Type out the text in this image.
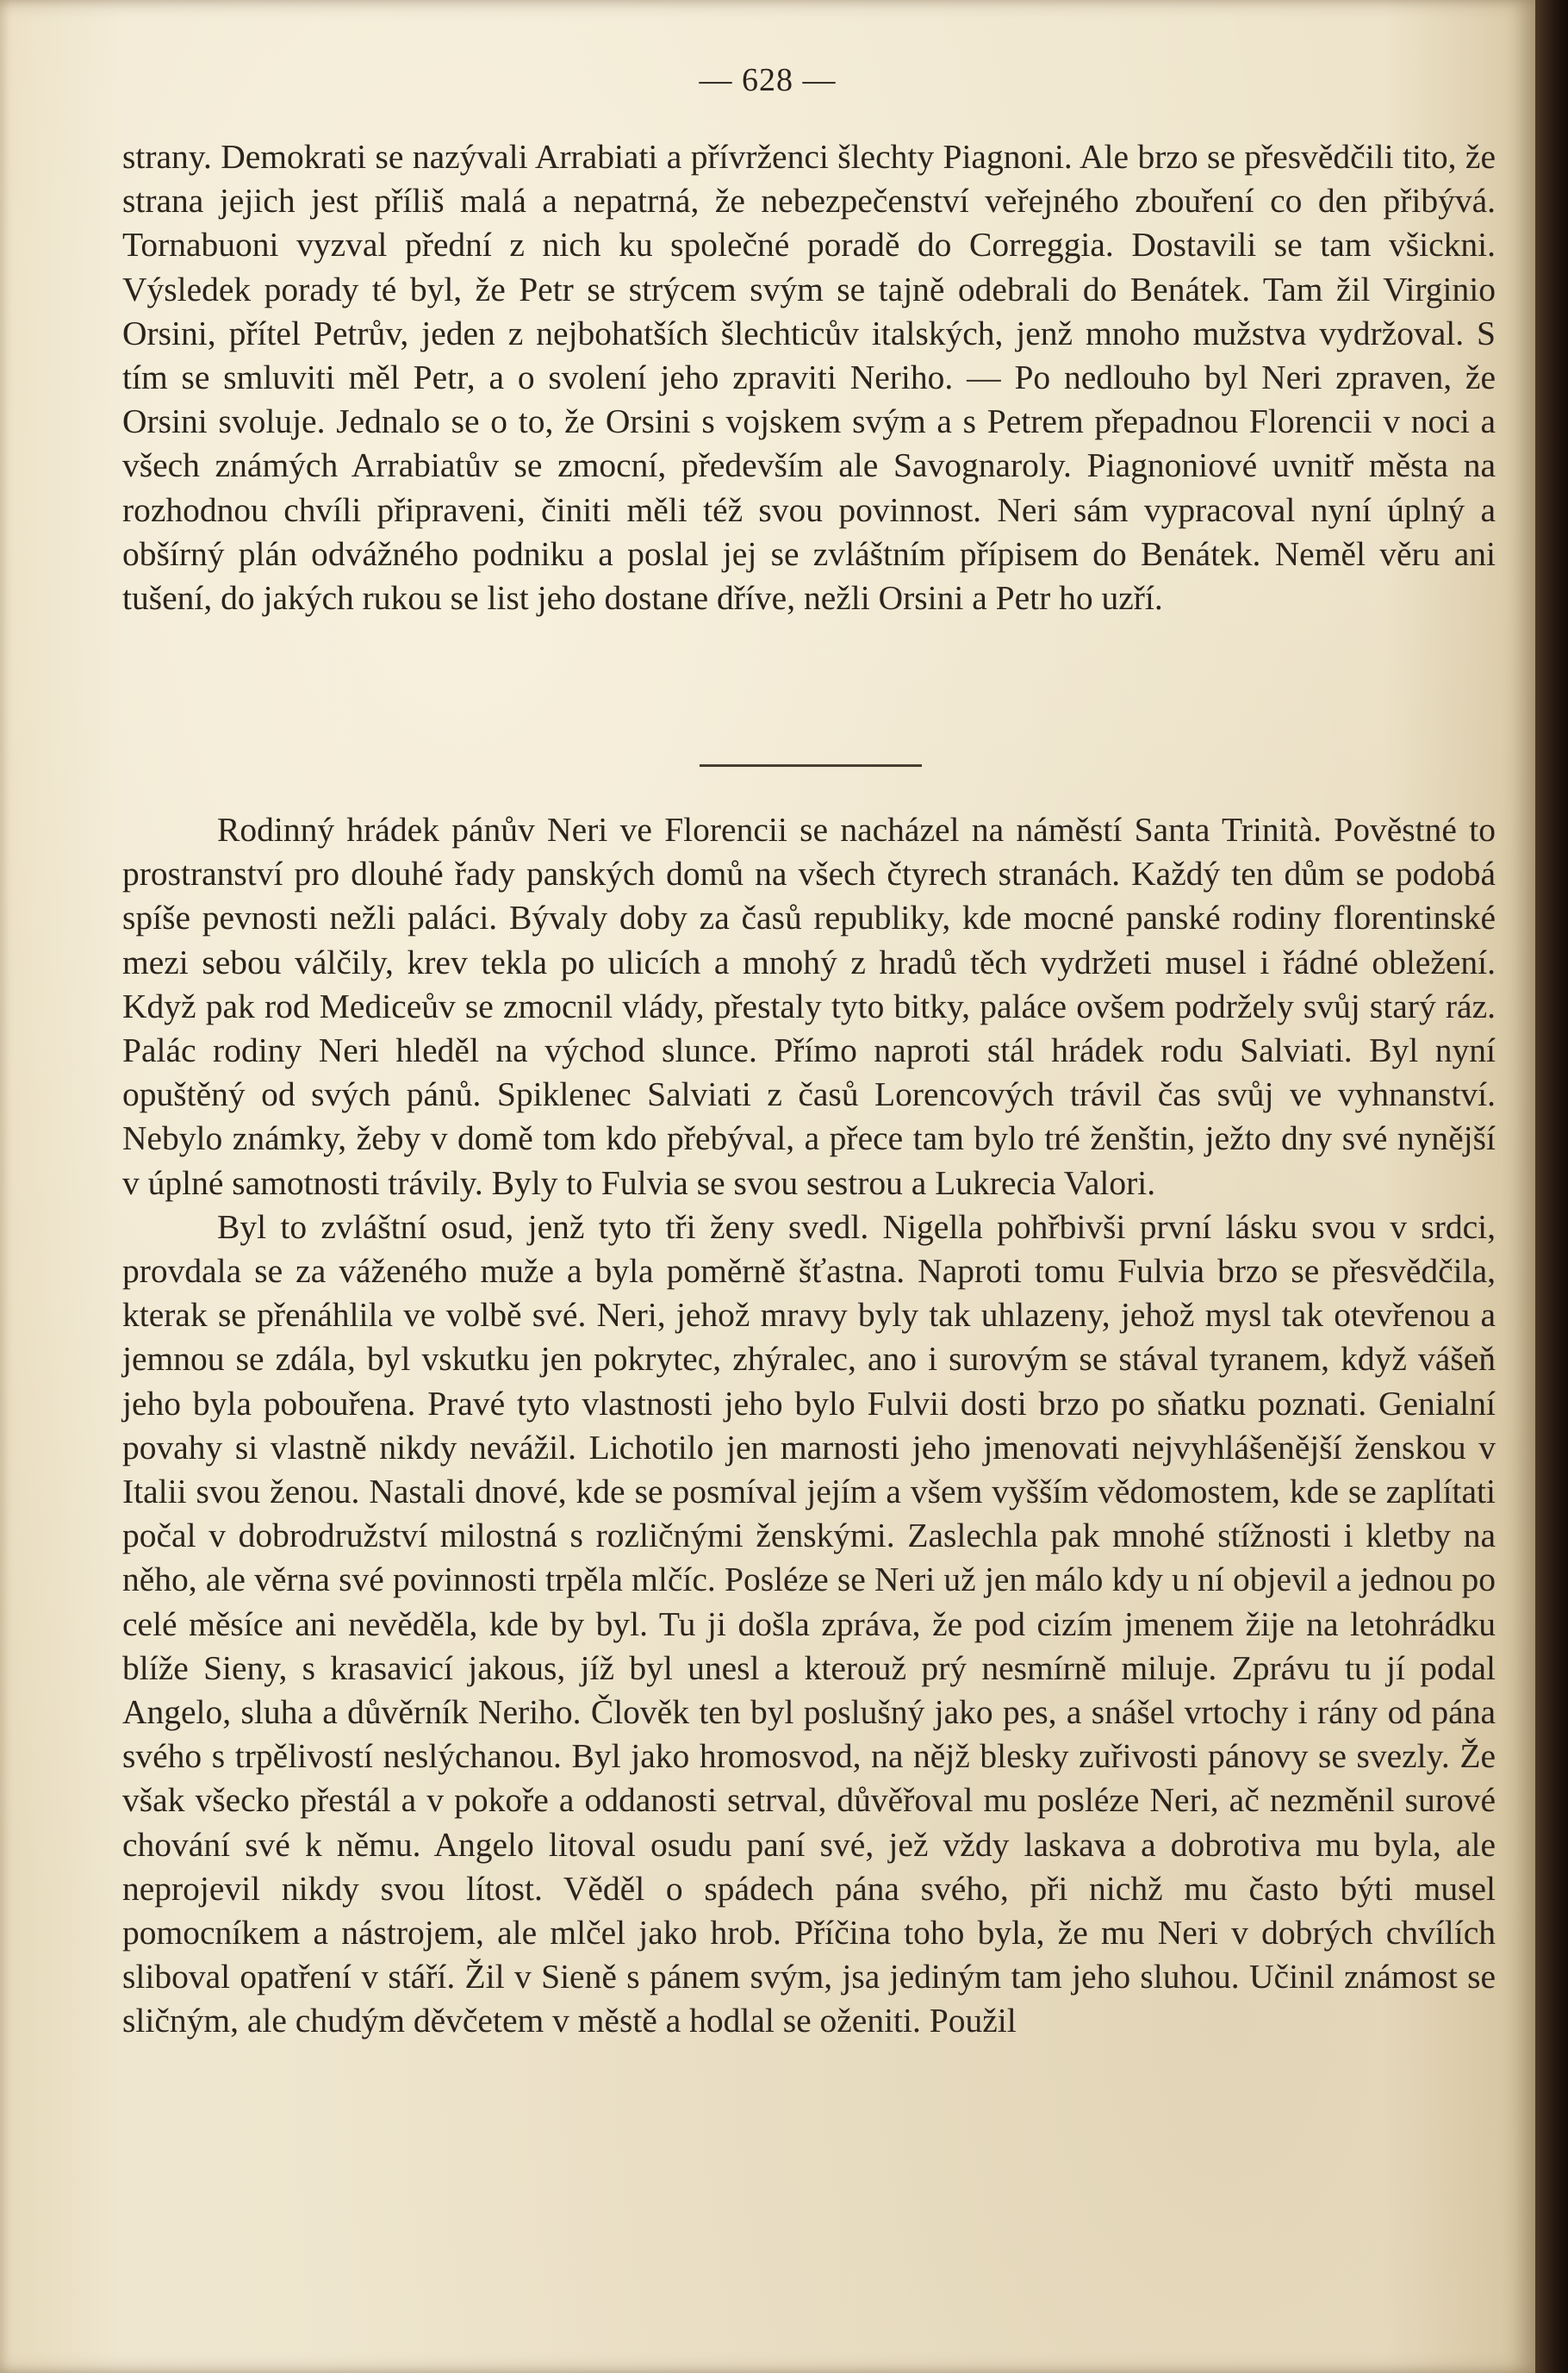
— 628 —

strany. Demokrati se nazývali Arrabiati a přívrženci šlechty Piagnoni. Ale brzo se přesvědčili tito, že strana jejich jest příliš malá a nepatrná, že nebezpečenství veřejného zbouření co den přibývá. Tornabuoni vyzval přední z nich ku společné poradě do Correggia. Dostavili se tam všickni. Výsledek porady té byl, že Petr se strýcem svým se tajně odebrali do Benátek. Tam žil Virginio Orsini, přítel Petrův, jeden z nejbohatších šlechticův italských, jenž mnoho mužstva vydržoval. S tím se smluviti měl Petr, a o svolení jeho zpraviti Neriho. — Po nedlouho byl Neri zpraven, že Orsini svoluje. Jednalo se o to, že Orsini s vojskem svým a s Petrem přepadnou Florencii v noci a všech známých Arrabiatův se zmocní, především ale Savognaroly. Piagnoniové uvnitř města na rozhodnou chvíli připraveni, činiti měli též svou povinnost. Neri sám vypracoval nyní úplný a obšírný plán odvážného podniku a poslal jej se zvláštním přípisem do Benátek. Neměl věru ani tušení, do jakých rukou se list jeho dostane dříve, nežli Orsini a Petr ho uzří.

Rodinný hrádek pánův Neri ve Florencii se nacházel na náměstí Santa Trinità. Pověstné to prostranství pro dlouhé řady panských domů na všech čtyrech stranách. Každý ten dům se podobá spíše pevnosti nežli paláci. Bývaly doby za časů republiky, kde mocné panské rodiny florentinské mezi sebou válčily, krev tekla po ulicích a mnohý z hradů těch vydržeti musel i řádné obležení. Když pak rod Mediceův se zmocnil vlády, přestaly tyto bitky, paláce ovšem podržely svůj starý ráz. Palác rodiny Neri hleděl na východ slunce. Přímo naproti stál hrádek rodu Salviati. Byl nyní opuštěný od svých pánů. Spiklenec Salviati z časů Lorencových trávil čas svůj ve vyhnanství. Nebylo známky, žeby v domě tom kdo přebýval, a přece tam bylo tré ženštin, ježto dny své nynější v úplné samotnosti trávily. Byly to Fulvia se svou sestrou a Lukrecia Valori.

Byl to zvláštní osud, jenž tyto tři ženy svedl. Nigella pohřbivši první lásku svou v srdci, provdala se za váženého muže a byla poměrně šťastna. Naproti tomu Fulvia brzo se přesvědčila, kterak se přenáhlila ve volbě své. Neri, jehož mravy byly tak uhlazeny, jehož mysl tak otevřenou a jemnou se zdála, byl vskutku jen pokrytec, zhýralec, ano i surovým se stával tyranem, když vášeň jeho byla pobouřena. Pravé tyto vlastnosti jeho bylo Fulvii dosti brzo po sňatku poznati. Genialní povahy si vlastně nikdy nevážil. Lichotilo jen marnosti jeho jmenovati nejvyhlášenější ženskou v Italii svou ženou. Nastali dnové, kde se posmíval jejím a všem vyšším vědomostem, kde se zaplítati počal v dobrodružství milostná s rozličnými ženskými. Zaslechla pak mnohé stížnosti i kletby na něho, ale věrna své povinnosti trpěla mlčíc. Posléze se Neri už jen málo kdy u ní objevil a jednou po celé měsíce ani nevěděla, kde by byl. Tu ji došla zpráva, že pod cizím jmenem žije na letohrádku blíže Sieny, s krasavicí jakous, jíž byl unesl a kterouž prý nesmírně miluje. Zprávu tu jí podal Angelo, sluha a důvěrník Neriho. Člověk ten byl poslušný jako pes, a snášel vrtochy i rány od pána svého s trpělivostí neslýchanou. Byl jako hromosvod, na nějž blesky zuřivosti pánovy se svezly. Že však všecko přestál a v pokoře a oddanosti setrval, důvěřoval mu posléze Neri, ač nezměnil surové chování své k němu. Angelo litoval osudu paní své, jež vždy laskava a dobrotiva mu byla, ale neprojevil nikdy svou lítost. Věděl o spádech pána svého, při nichž mu často býti musel pomocníkem a nástrojem, ale mlčel jako hrob. Příčina toho byla, že mu Neri v dobrých chvílích sliboval opatření v stáří. Žil v Sieně s pánem svým, jsa jediným tam jeho sluhou. Učinil známost se sličným, ale chudým děvčetem v městě a hodlal se oženiti. Použil
